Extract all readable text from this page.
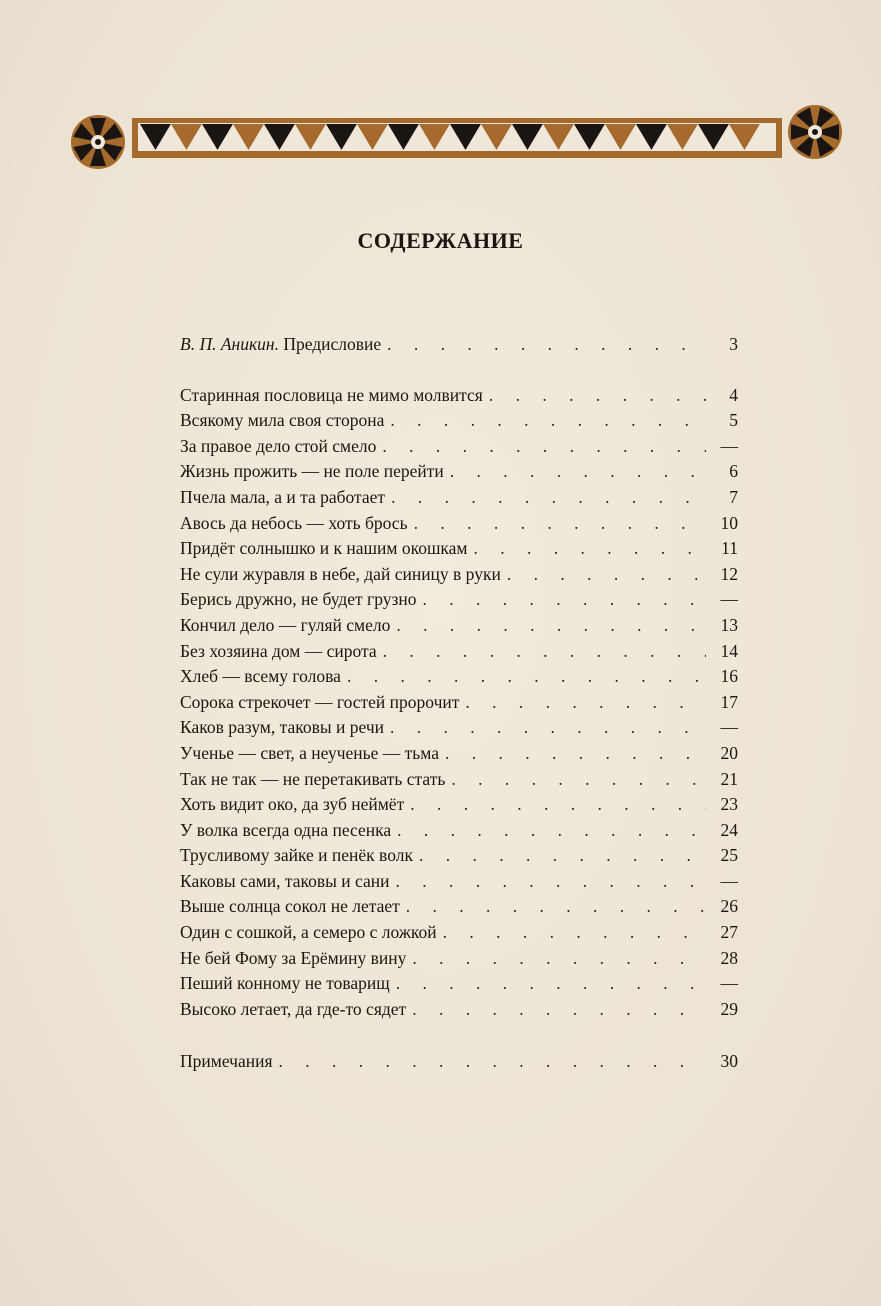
СОДЕРЖАНИЕ
В. П. Аникин. Предисловие . . .	3
Старинная пословица не мимо молвится . . .	4
Всякому мила своя сторона . . .	5
За правое дело стой смело . . .	—
Жизнь прожить — не поле перейти . . .	6
Пчела мала, а и та работает . . .	7
Авось да небось — хоть брось . . .	10
Придёт солнышко и к нашим окошкам . . .	11
Не сули журавля в небе, дай синицу в руки . . .	12
Берись дружно, не будет грузно . . .	—
Кончил дело — гуляй смело . . .	13
Без хозяина дом — сирота . . .	14
Хлеб — всему голова . . .	16
Сорока стрекочет — гостей пророчит . . .	17
Каков разум, таковы и речи . . .	—
Ученье — свет, а неученье — тьма . . .	20
Так не так — не перетакивать стать . . .	21
Хоть видит око, да зуб неймёт . . .	23
У волка всегда одна песенка . . .	24
Трусливому зайке и пенёк волк . . .	25
Каковы сами, таковы и сани . . .	—
Выше солнца сокол не летает . . .	26
Один с сошкой, а семеро с ложкой . . .	27
Не бей Фому за Ерёмину вину . . .	28
Пеший конному не товарищ . . .	—
Высоко летает, да где-то сядет . . .	29
Примечания . . .	30
